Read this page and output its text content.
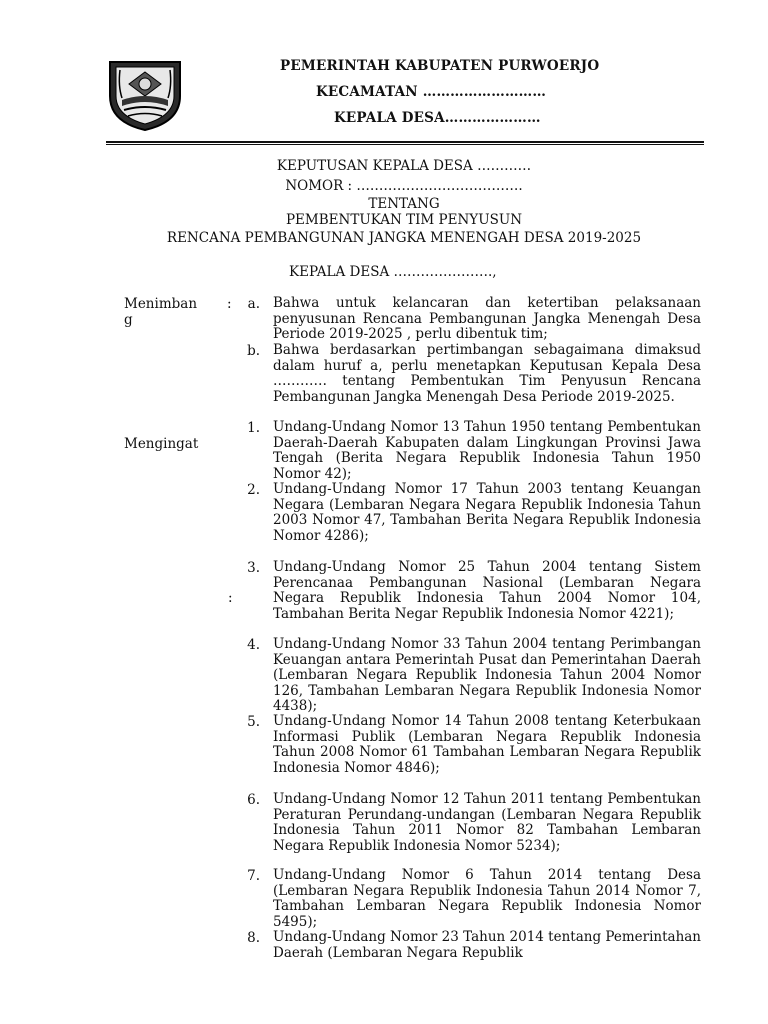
PEMERINTAH KABUPATEN PURWOERJO
KECAMATAN ………………………
KEPALA DESA…………………
KEPUTUSAN KEPALA DESA …………
NOMOR : ……………………………….
TENTANG
PEMBENTUKAN TIM PENYUSUN
RENCANA PEMBANGUNAN JANGKA MENENGAH DESA 2019-2025
KEPALA DESA ………………….,
Menimban
g
:	a. Bahwa untuk kelancaran dan ketertiban pelaksanaan penyusunan Rencana Pembangunan Jangka Menengah Desa Periode 2019-2025 , perlu dibentuk tim;
b. Bahwa berdasarkan pertimbangan sebagaimana dimaksud dalam huruf a, perlu menetapkan Keputusan Kepala Desa ………… tentang Pembentukan Tim Penyusun Rencana Pembangunan Jangka Menengah Desa Periode 2019-2025.
Mengingat
:
1. Undang-Undang Nomor 13 Tahun 1950 tentang Pembentukan Daerah-Daerah Kabupaten dalam Lingkungan Provinsi Jawa Tengah (Berita Negara Republik Indonesia Tahun 1950 Nomor 42);
2. Undang-Undang Nomor 17 Tahun 2003 tentang Keuangan Negara (Lembaran Negara Negara Republik Indonesia Tahun 2003 Nomor 47, Tambahan Berita Negara Republik Indonesia Nomor 4286);
3. Undang-Undang Nomor 25 Tahun 2004 tentang Sistem Perencanaa Pembangunan Nasional (Lembaran Negara Negara Republik Indonesia Tahun 2004 Nomor 104, Tambahan Berita Negar Republik Indonesia Nomor 4221);
4. Undang-Undang Nomor 33 Tahun 2004 tentang Perimbangan Keuangan antara Pemerintah Pusat dan Pemerintahan Daerah (Lembaran Negara Republik Indonesia Tahun 2004 Nomor 126, Tambahan Lembaran Negara Republik Indonesia Nomor 4438);
5. Undang-Undang Nomor 14 Tahun 2008 tentang Keterbukaan Informasi Publik (Lembaran Negara Republik Indonesia Tahun 2008 Nomor 61 Tambahan Lembaran Negara Republik Indonesia Nomor 4846);
6. Undang-Undang Nomor 12 Tahun 2011 tentang Pembentukan Peraturan Perundang-undangan (Lembaran Negara Republik Indonesia Tahun 2011 Nomor 82 Tambahan Lembaran Negara Republik Indonesia Nomor 5234);
7. Undang-Undang Nomor 6 Tahun 2014 tentang Desa (Lembaran Negara Republik Indonesia Tahun 2014 Nomor 7, Tambahan Lembaran Negara Republik Indonesia Nomor 5495);
8. Undang-Undang Nomor 23 Tahun 2014 tentang Pemerintahan Daerah (Lembaran Negara Republik
